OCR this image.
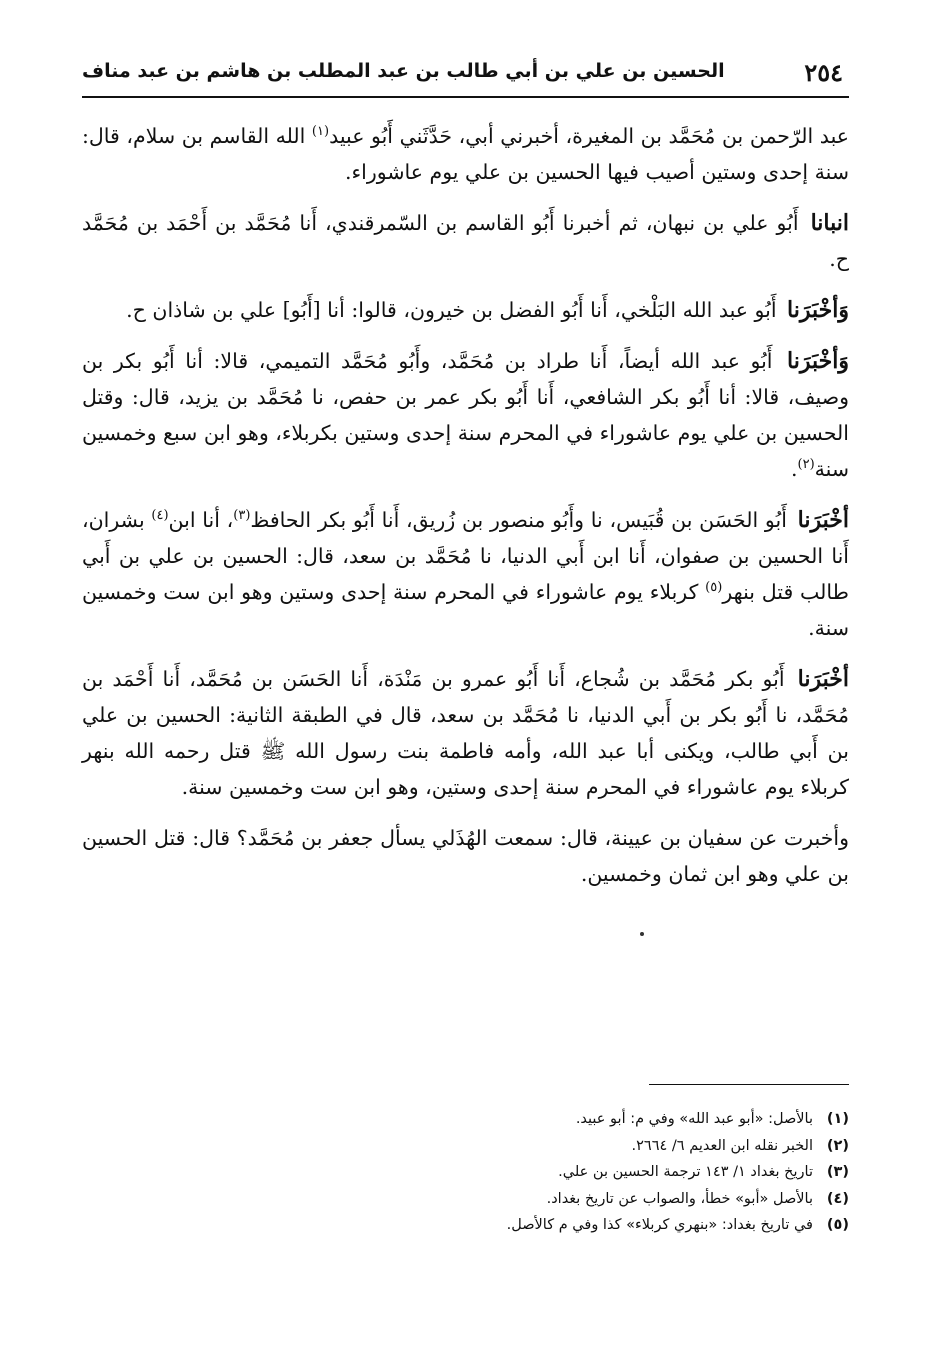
٢٥٤
الحسين بن علي بن أبي طالب بن عبد المطلب بن هاشم بن عبد مناف

عبد الرّحمن بن مُحَمَّد بن المغيرة، أخبرني أبي، حَدَّثَني أَبُو عبيد$^{(١)}$ الله القاسم بن سلام، قال: سنة إحدى وستين أصيب فيها الحسين بن علي يوم عاشوراء.

انبانا أَبُو علي بن نبهان، ثم أخبرنا أَبُو القاسم بن السّمرقندي، أَنا مُحَمَّد بن أَحْمَد بن مُحَمَّد ح.

وَأخْبَرَنا أَبُو عبد الله البَلْخي، أَنا أَبُو الفضل بن خيرون، قالوا: أنا [أَبُو] علي بن شاذان ح.

وَأخْبَرَنا أَبُو عبد الله أيضاً، أَنا طراد بن مُحَمَّد، وأَبُو مُحَمَّد التميمي، قالا: أنا أَبُو بكر بن وصيف، قالا: أنا أَبُو بكر الشافعي، أَنا أَبُو بكر عمر بن حفص، نا مُحَمَّد بن يزيد، قال: وقتل الحسين بن علي يوم عاشوراء في المحرم سنة إحدى وستين بكربلاء، وهو ابن سبع وخمسين سنة$^{(٢)}$.

أخْبَرَنا أَبُو الحَسَن بن قُبَيس، نا وأَبُو منصور بن زُريق، أَنا أَبُو بكر الحافظ$^{(٣)}$، أنا ابن$^{(٤)}$ بشران، أَنا الحسين بن صفوان، أَنا ابن أَبي الدنيا، نا مُحَمَّد بن سعد، قال: الحسين بن علي بن أَبي طالب قتل بنهر$^{(٥)}$ كربلاء يوم عاشوراء في المحرم سنة إحدى وستين وهو ابن ست وخمسين سنة.

أخْبَرَنا أَبُو بكر مُحَمَّد بن شُجاع، أَنا أَبُو عمرو بن مَنْدَة، أَنا الحَسَن بن مُحَمَّد، أَنا أَحْمَد بن مُحَمَّد، نا أَبُو بكر بن أَبي الدنيا، نا مُحَمَّد بن سعد، قال في الطبقة الثانية: الحسين بن علي بن أَبي طالب، ويكنى أبا عبد الله، وأمه فاطمة بنت رسول الله ﷺ قتل رحمه الله بنهر كربلاء يوم عاشوراء في المحرم سنة إحدى وستين، وهو ابن ست وخمسين سنة.

وأخبرت عن سفيان بن عيينة، قال: سمعت الهُذَلي يسأل جعفر بن مُحَمَّد؟ قال: قتل الحسين بن علي وهو ابن ثمان وخمسين.

(١)بالأصل: «أبو عبد الله» وفي م: أبو عبيد.

(٢)الخبر نقله ابن العديم ٦/ ٢٦٦٤.

(٣)تاريخ بغداد ١/ ١٤٣ ترجمة الحسين بن علي.

(٤)بالأصل «أبو» خطأ، والصواب عن تاريخ بغداد.

(٥)في تاريخ بغداد: «بنهري كربلاء» كذا وفي م كالأصل.
